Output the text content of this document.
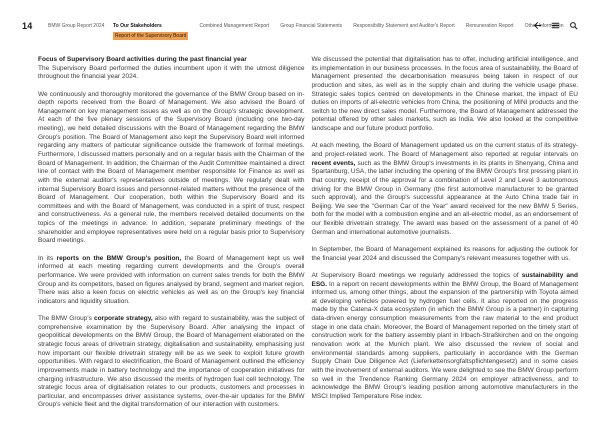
14	BMW Group Report 2024 To Our Stakeholders
Report of the Supervisory Board
Combined Management Report Group Financial Statements Responsibility Statement and Auditor's Report Remuneration Report Other Information
Focus of Supervisory Board activities during the past financial year

The Supervisory Board performed the duties incumbent upon it with the utmost diligence throughout the financial year 2024.

We continuously and thoroughly monitored the governance of the BMW Group based on in-depth reports received from the Board of Management. We also advised the Board of Management on key management issues as well as on the Group's strategic development. At each of the five plenary sessions of the Supervisory Board (including one two-day meeting), we held detailed discussions with the Board of Management regarding the BMW Group's position. The Board of Management also kept the Supervisory Board well informed regarding any matters of particular significance outside the framework of formal meetings. Furthermore, I discussed matters personally and on a regular basis with the Chairman of the Board of Management. In addition, the Chairman of the Audit Committee maintained a direct line of contact with the Board of Management member responsible for Finance as well as with the external auditor's representatives outside of meetings. We regularly dealt with internal Supervisory Board issues and personnel-related matters without the presence of the Board of Management. Our cooperation, both within the Supervisory Board and its committees and with the Board of Management, was conducted in a spirit of trust, respect and constructiveness. As a general rule, the members received detailed documents on the topics of the meetings in advance. In addition, separate preliminary meetings of the shareholder and employee representatives were held on a regular basis prior to Supervisory Board meetings.

In its reports on the BMW Group's position, the Board of Management kept us well informed at each meeting regarding current developments and the Group's overall performance. We were provided with information on current sales trends for both the BMW Group and its competitors, based on figures analysed by brand, segment and market region. There was also a keen focus on electric vehicles as well as on the Group's key financial indicators and liquidity situation.

The BMW Group's corporate strategy, also with regard to sustainability, was the subject of comprehensive examination by the Supervisory Board. After analysing the impact of geopolitical developments on the BMW Group, the Board of Management elaborated on the strategic focus areas of drivetrain strategy, digitalisation and sustainability, emphasising just how important our flexible drivetrain strategy will be as we seek to exploit future growth opportunities. With regard to electrification, the Board of Management outlined the efficiency improvements made in battery technology and the importance of cooperation initiatives for charging infrastructure. We also discussed the merits of hydrogen fuel cell technology. The strategic focus area of digitalisation relates to our products, customers and processes in particular, and encompasses driver assistance systems, over-the-air updates for the BMW Group's vehicle fleet and the digital transformation of our interaction with customers.

We discussed the potential that digitalisation has to offer, including artificial intelligence, and its implementation in our business processes. In the focus area of sustainability, the Board of Management presented the decarbonisation measures being taken in respect of our production and sites, as well as in the supply chain and during the vehicle usage phase. Strategic sales topics centred on developments in the Chinese market, the impact of EU duties on imports of all-electric vehicles from China, the positioning of MINI products and the switch to the new direct sales model. Furthermore, the Board of Management addressed the potential offered by other sales markets, such as India. We also looked at the competitive landscape and our future product portfolio.

At each meeting, the Board of Management updated us on the current status of its strategy- and project-related work. The Board of Management also reported at regular intervals on recent events, such as the BMW Group's investments in its plants in Shenyang, China and Spartanburg, USA, the latter including the opening of the BMW Group's first pressing plant in that country, receipt of the approval for a combination of Level 2 and Level 3 autonomous driving for the BMW Group in Germany (the first automotive manufacturer to be granted such approval), and the Group's successful appearance at the Auto China trade fair in Beijing. We see the "German Car of the Year" award received for the new BMW 5 Series, both for the model with a combustion engine and an all-electric model, as an endorsement of our flexible drivetrain strategy. The award was based on the assessment of a panel of 40 German and international automotive journalists.

In September, the Board of Management explained its reasons for adjusting the outlook for the financial year 2024 and discussed the Company's relevant measures together with us.

At Supervisory Board meetings we regularly addressed the topics of sustainability and ESG. In a report on recent developments within the BMW Group, the Board of Management informed us, among other things, about the expansion of the partnership with Toyota aimed at developing vehicles powered by hydrogen fuel cells. It also reported on the progress made by the Catena-X data ecosystem (in which the BMW Group is a partner) in capturing data-driven energy consumption measurements from the raw material to the end product stage in one data chain. Moreover, the Board of Management reported on the timely start of construction work for the battery assembly plant in Irlbach-Straßkirchen and on the ongoing renovation work at the Munich plant. We also discussed the review of social and environmental standards among suppliers, particularly in accordance with the German Supply Chain Due Diligence Act (Lieferkettensorgfaltspflichtengesetz) and in some cases with the involvement of external auditors. We were delighted to see the BMW Group perform so well in the Trendence Ranking Germany 2024 on employer attractiveness, and to acknowledge the BMW Group's leading position among automotive manufacturers in the MSCI Implied Temperature Rise index.
